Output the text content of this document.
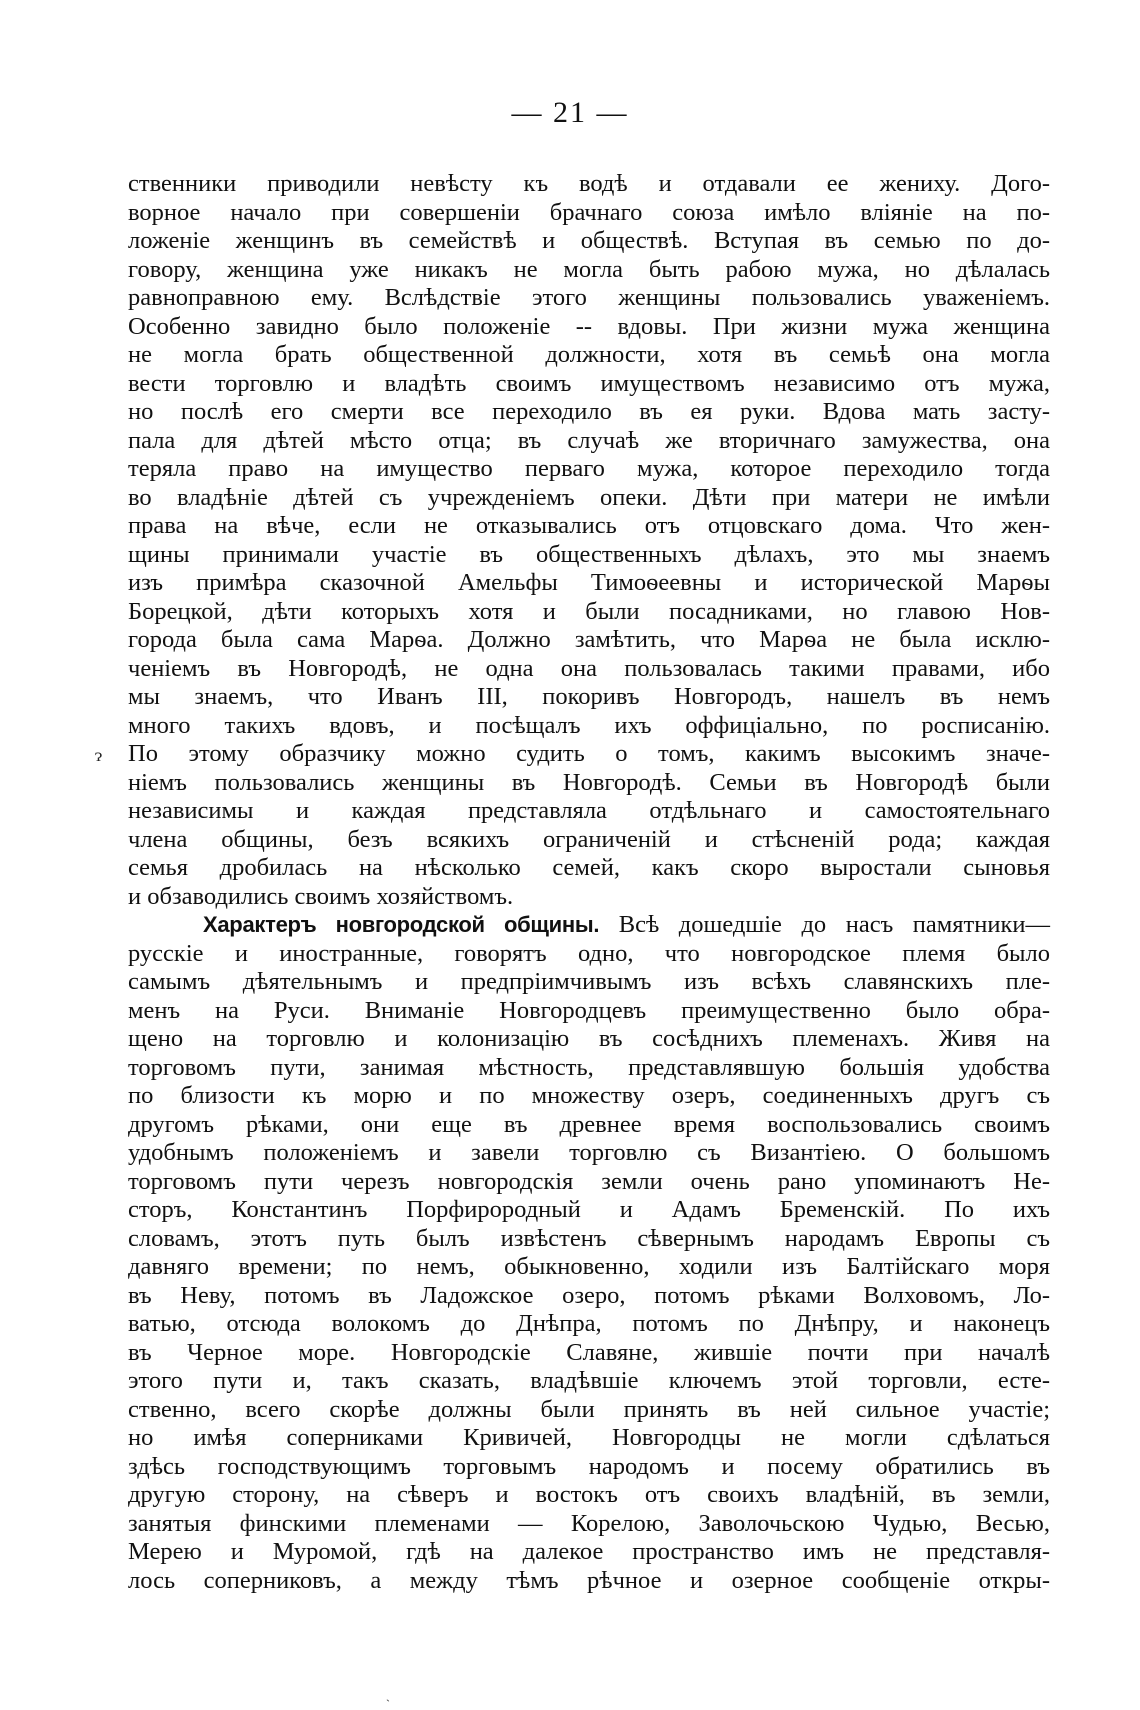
— 21 —
ственники приводили невѣсту къ водѣ и отдавали ее жениху. Дого-
ворное начало при совершеніи брачнаго союза имѣло вліяніе на по-
ложеніе женщинъ въ семействѣ и обществѣ. Вступая въ семью по до-
говору, женщина уже никакъ не могла быть рабою мужа, но дѣлалась
равноправною ему. Вслѣдствіе этого женщины пользовались уваженіемъ.
Особенно завидно было положеніе -- вдовы. При жизни мужа женщина
не могла брать общественной должности, хотя въ семьѣ она могла
вести торговлю и владѣть своимъ имуществомъ независимо отъ мужа,
но послѣ его смерти все переходило въ ея руки. Вдова мать засту-
пала для дѣтей мѣсто отца; въ случаѣ же вторичнаго замужества, она
теряла право на имущество перваго мужа, которое переходило тогда
во владѣніе дѣтей съ учрежденіемъ опеки. Дѣти при матери не имѣли
права на вѣче, если не отказывались отъ отцовскаго дома. Что жен-
щины принимали участіе въ общественныхъ дѣлахъ, это мы знаемъ
изъ примѣра сказочной Амельфы Тимоѳеевны и исторической Марѳы
Борецкой, дѣти которыхъ хотя и были посадниками, но главою Нов-
города была сама Марѳа. Должно замѣтить, что Марѳа не была исклю-
ченіемъ въ Новгородѣ, не одна она пользовалась такими правами, ибо
мы знаемъ, что Иванъ III, покоривъ Новгородъ, нашелъ въ немъ
много такихъ вдовъ, и посѣщалъ ихъ оффиціально, по росписанію.
По этому образчику можно судить о томъ, какимъ высокимъ значе-
ніемъ пользовались женщины въ Новгородѣ. Семьи въ Новгородѣ были
независимы и каждая представляла отдѣльнаго и самостоятельнаго
члена общины, безъ всякихъ ограниченій и стѣсненій рода; каждая
семья дробилась на нѣсколько семей, какъ скоро выростали сыновья
и обзаводились своимъ хозяйствомъ.
Характеръ новгородской общины. Всѣ дошедшіе до насъ памятники—
русскіе и иностранные, говорятъ одно, что новгородское племя было
самымъ дѣятельнымъ и предпріимчивымъ изъ всѣхъ славянскихъ пле-
менъ на Руси. Вниманіе Новгородцевъ преимущественно было обра-
щено на торговлю и колонизацію въ сосѣднихъ племенахъ. Живя на
торговомъ пути, занимая мѣстность, представлявшую большія удобства
по близости къ морю и по множеству озеръ, соединенныхъ другъ съ
другомъ рѣками, они еще въ древнее время воспользовались своимъ
удобнымъ положеніемъ и завели торговлю съ Византіею. О большомъ
торговомъ пути черезъ новгородскія земли очень рано упоминаютъ Не-
сторъ, Константинъ Порфирородный и Адамъ Бременскій. По ихъ
словамъ, этотъ путь былъ извѣстенъ сѣвернымъ народамъ Европы съ
давняго времени; по немъ, обыкновенно, ходили изъ Балтійскаго моря
въ Неву, потомъ въ Ладожское озеро, потомъ рѣками Волховомъ, Ло-
ватью, отсюда волокомъ до Днѣпра, потомъ по Днѣпру, и наконецъ
въ Черное море. Новгородскіе Славяне, жившіе почти при началѣ
этого пути и, такъ сказать, владѣвшіе ключемъ этой торговли, есте-
ственно, всего скорѣе должны были принять въ ней сильное участіе;
но имѣя соперниками Кривичей, Новгородцы не могли сдѣлаться
здѣсь господствующимъ торговымъ народомъ и посему обратились въ
другую сторону, на сѣверъ и востокъ отъ своихъ владѣній, въ земли,
занятыя финскими племенами — Корелою, Заволочьскою Чудью, Весью,
Мерею и Муромой, гдѣ на далекое пространство имъ не представля-
лось соперниковъ, а между тѣмъ рѣчное и озерное сообщеніе откры-
ɂ
ˎ
